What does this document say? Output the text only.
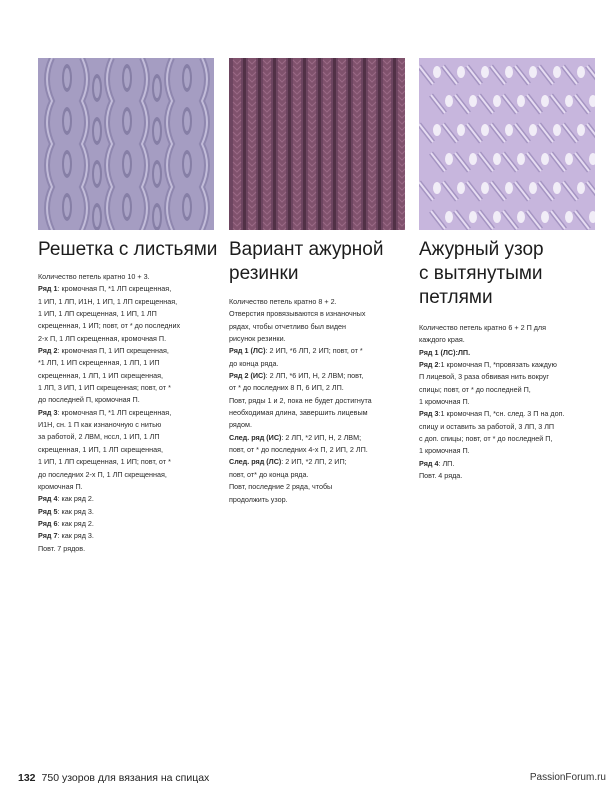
Решетка с листьями

Количество петель кратно 10 + 3.

Ряд 1: кромочная П, *1 ЛП скрещенная,

1 ИП, 1 ЛП, И1Н, 1 ИП, 1 ЛП скрещенная,

1 ИП, 1 ЛП скрещенная, 1 ИП, 1 ЛП

скрещенная, 1 ИП; повт, от * до последних

2-х П, 1 ЛП скрещенная, кромочная П.

Ряд 2: кромочная П, 1 ИП скрещенная,

*1 ЛП, 1 ИП скрещенная, 1 ЛП, 1 ИП

скрещенная, 1 ЛП, 1 ИП скрещенная,

1 ЛП, 3 ИП, 1 ИП скрещенная; повт, от *

до последней П, кромочная П.

Ряд 3: кромочная П, *1 ЛП скрещенная,

И1Н, сн. 1 П как изнаночную с нитью

за работой, 2 ЛВМ, нссл, 1 ИП, 1 ЛП

скрещенная, 1 ИП, 1 ЛП скрещенная,

1 ИП, 1 ЛП скрещенная, 1 ИП; повт, от *

до последних 2-х П, 1 ЛП скрещенная,

кромочная П.

Ряд 4: как ряд 2.

Ряд 5: как ряд 3.

Ряд 6: как ряд 2.

Ряд 7: как ряд 3.

Повт. 7 рядов.

Вариант ажурной
резинки

Количество петель кратно 8 + 2.

Отверстия провязываются в изнаночных

рядах, чтобы отчетливо был виден

рисунок резинки.

Ряд 1 (ЛС): 2 ИП, *6 ЛП, 2 ИП; повт, от *

до конца ряда.

Ряд 2 (ИС): 2 ЛП, *6 ИП, Н, 2 ЛВМ; повт,

от * до последних 8 П, 6 ИП, 2 ЛП.

Повт, ряды 1 и 2, пока не будет достигнута

необходимая длина, завершить лицевым

рядом.

След. ряд (ИС): 2 ЛП, *2 ИП, Н, 2 ЛВМ;

повт, от * до последних 4-х П, 2 ИП, 2 ЛП.

След. ряд (ЛС): 2 ИП, *2 ЛП, 2 ИП;

повт, от* до конца ряда.

Повт, последние 2 ряда, чтобы

продолжить узор.

Ажурный узор
с вытянутыми
петлями

Количество петель кратно 6 + 2 П для

каждого края.

Ряд 1 (ЛС):ЛП.

Ряд 2:1 кромочная П, *провязать каждую

П лицевой, 3 раза обвивая нить вокруг

спицы; повт, от * до последней П,

1 кромочная П.

Ряд 3:1 кромочная П, *сн. след. 3 П на доп.

спицу и оставить за работой, 3 ЛП, 3 ЛП

с доп. спицы; повт, от * до последней П,

1 кромочная П.

Ряд 4: ЛП.

Повт. 4 ряда.

132 750 узоров для вязания на спицах	PassionForum.ru
